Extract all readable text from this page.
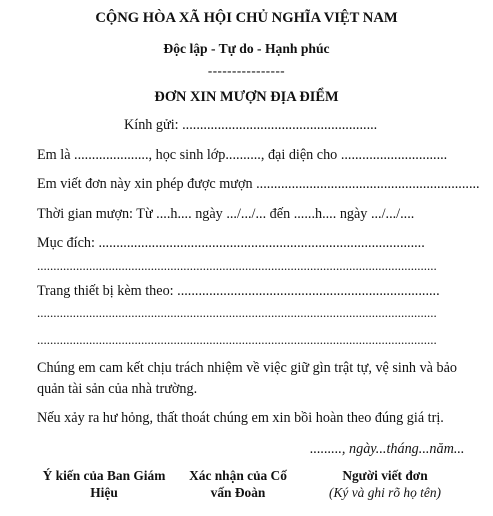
CỘNG HÒA XÃ HỘI CHỦ NGHĨA VIỆT NAM
Độc lập - Tự do - Hạnh phúc
----------------
ĐƠN XIN MƯỢN ĐỊA ĐIỂM
Kính gửi: .......................................................
Em là ....................., học sinh lớp.........., đại diện cho ..............................
Em viết đơn này xin phép được mượn ...............................................................
Thời gian mượn: Từ ....h.... ngày .../.../... đến ......h.... ngày .../.../....
Mục đích: ............................................................................................
...........................................................................................................................
Trang thiết bị kèm theo: ..........................................................................
...........................................................................................................................
...........................................................................................................................
Chúng em cam kết chịu trách nhiệm về việc giữ gìn trật tự, vệ sinh và bảo
quản tài sản của nhà trường.
Nếu xảy ra hư hỏng, thất thoát chúng em xin bồi hoàn theo đúng giá trị.
........., ngày...tháng...năm...
Ý kiến của Ban Giám
Hiệu
Xác nhận của Cố
vấn Đoàn
Người viết đơn
(Ký và ghi rõ họ tên)
